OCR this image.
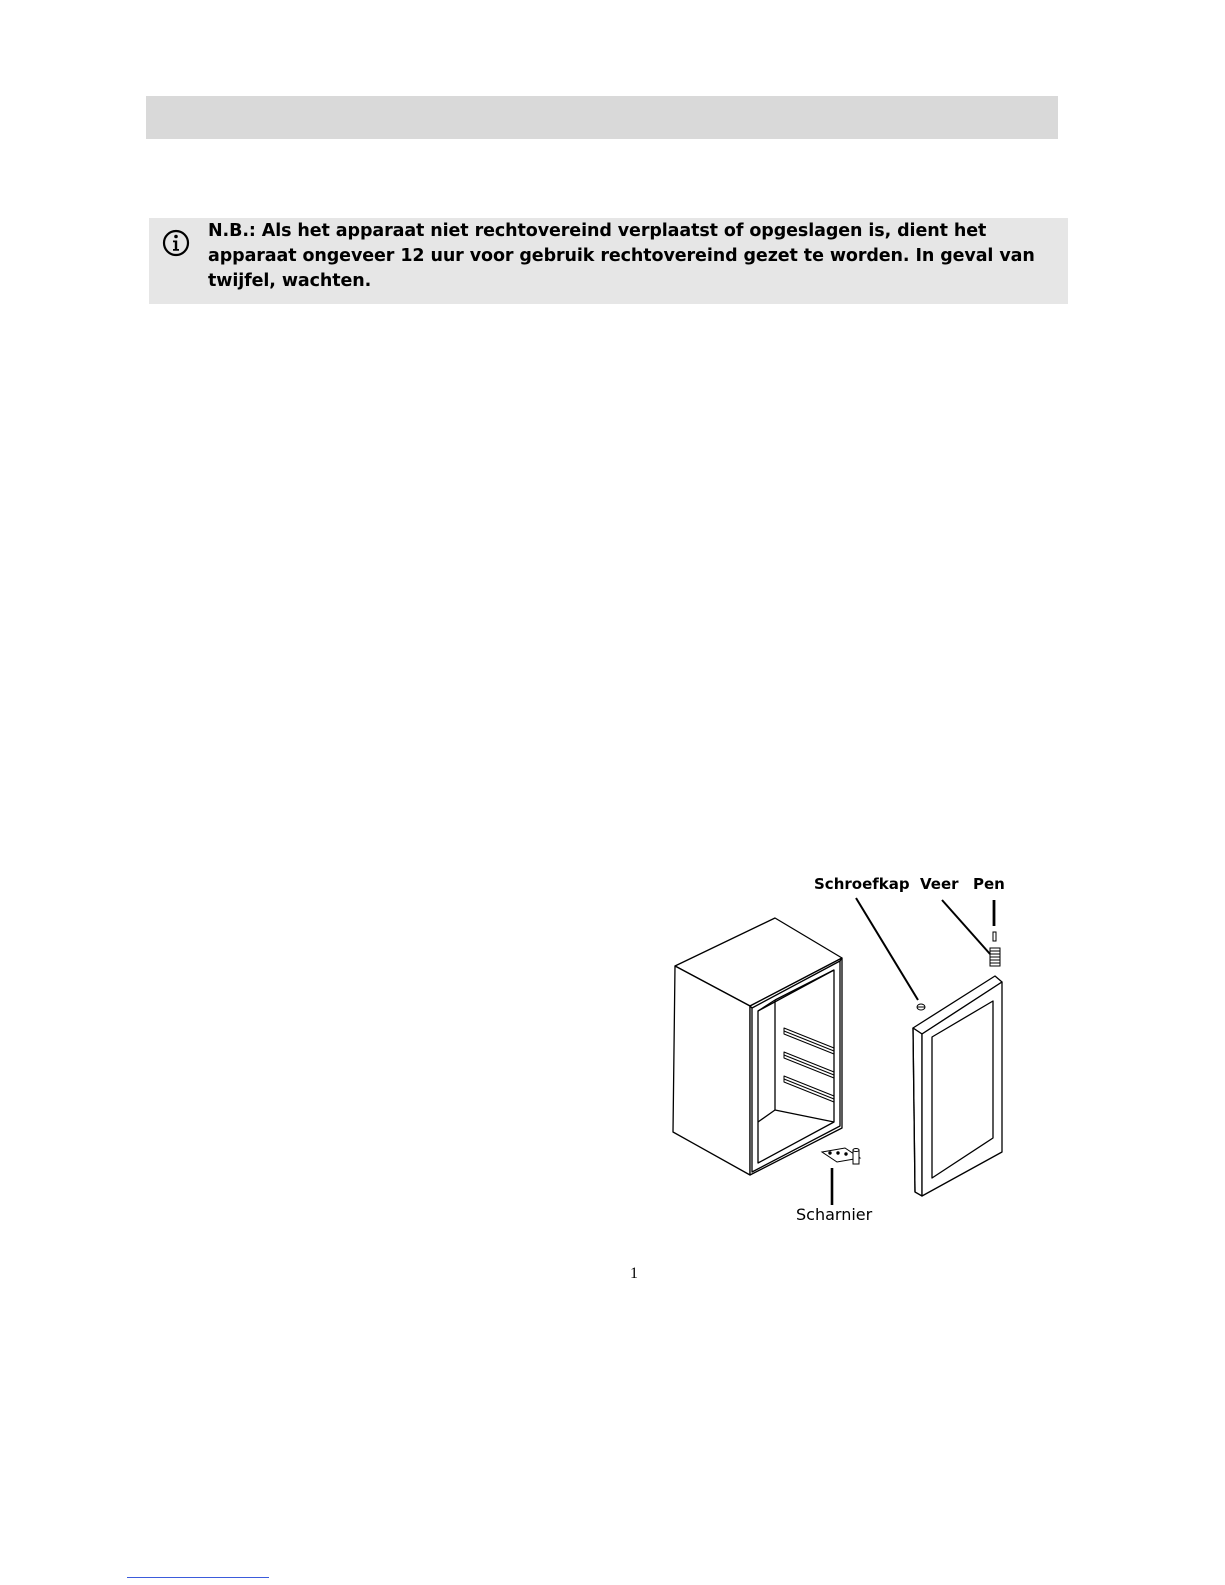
N.B.: Als het apparaat niet rechtovereind verplaatst of opgeslagen is, dient het apparaat ongeveer 12 uur voor gebruik rechtovereind gezet te worden. In geval van twijfel, wachten.
Schroefkap Veer Pen
Scharnier
1
